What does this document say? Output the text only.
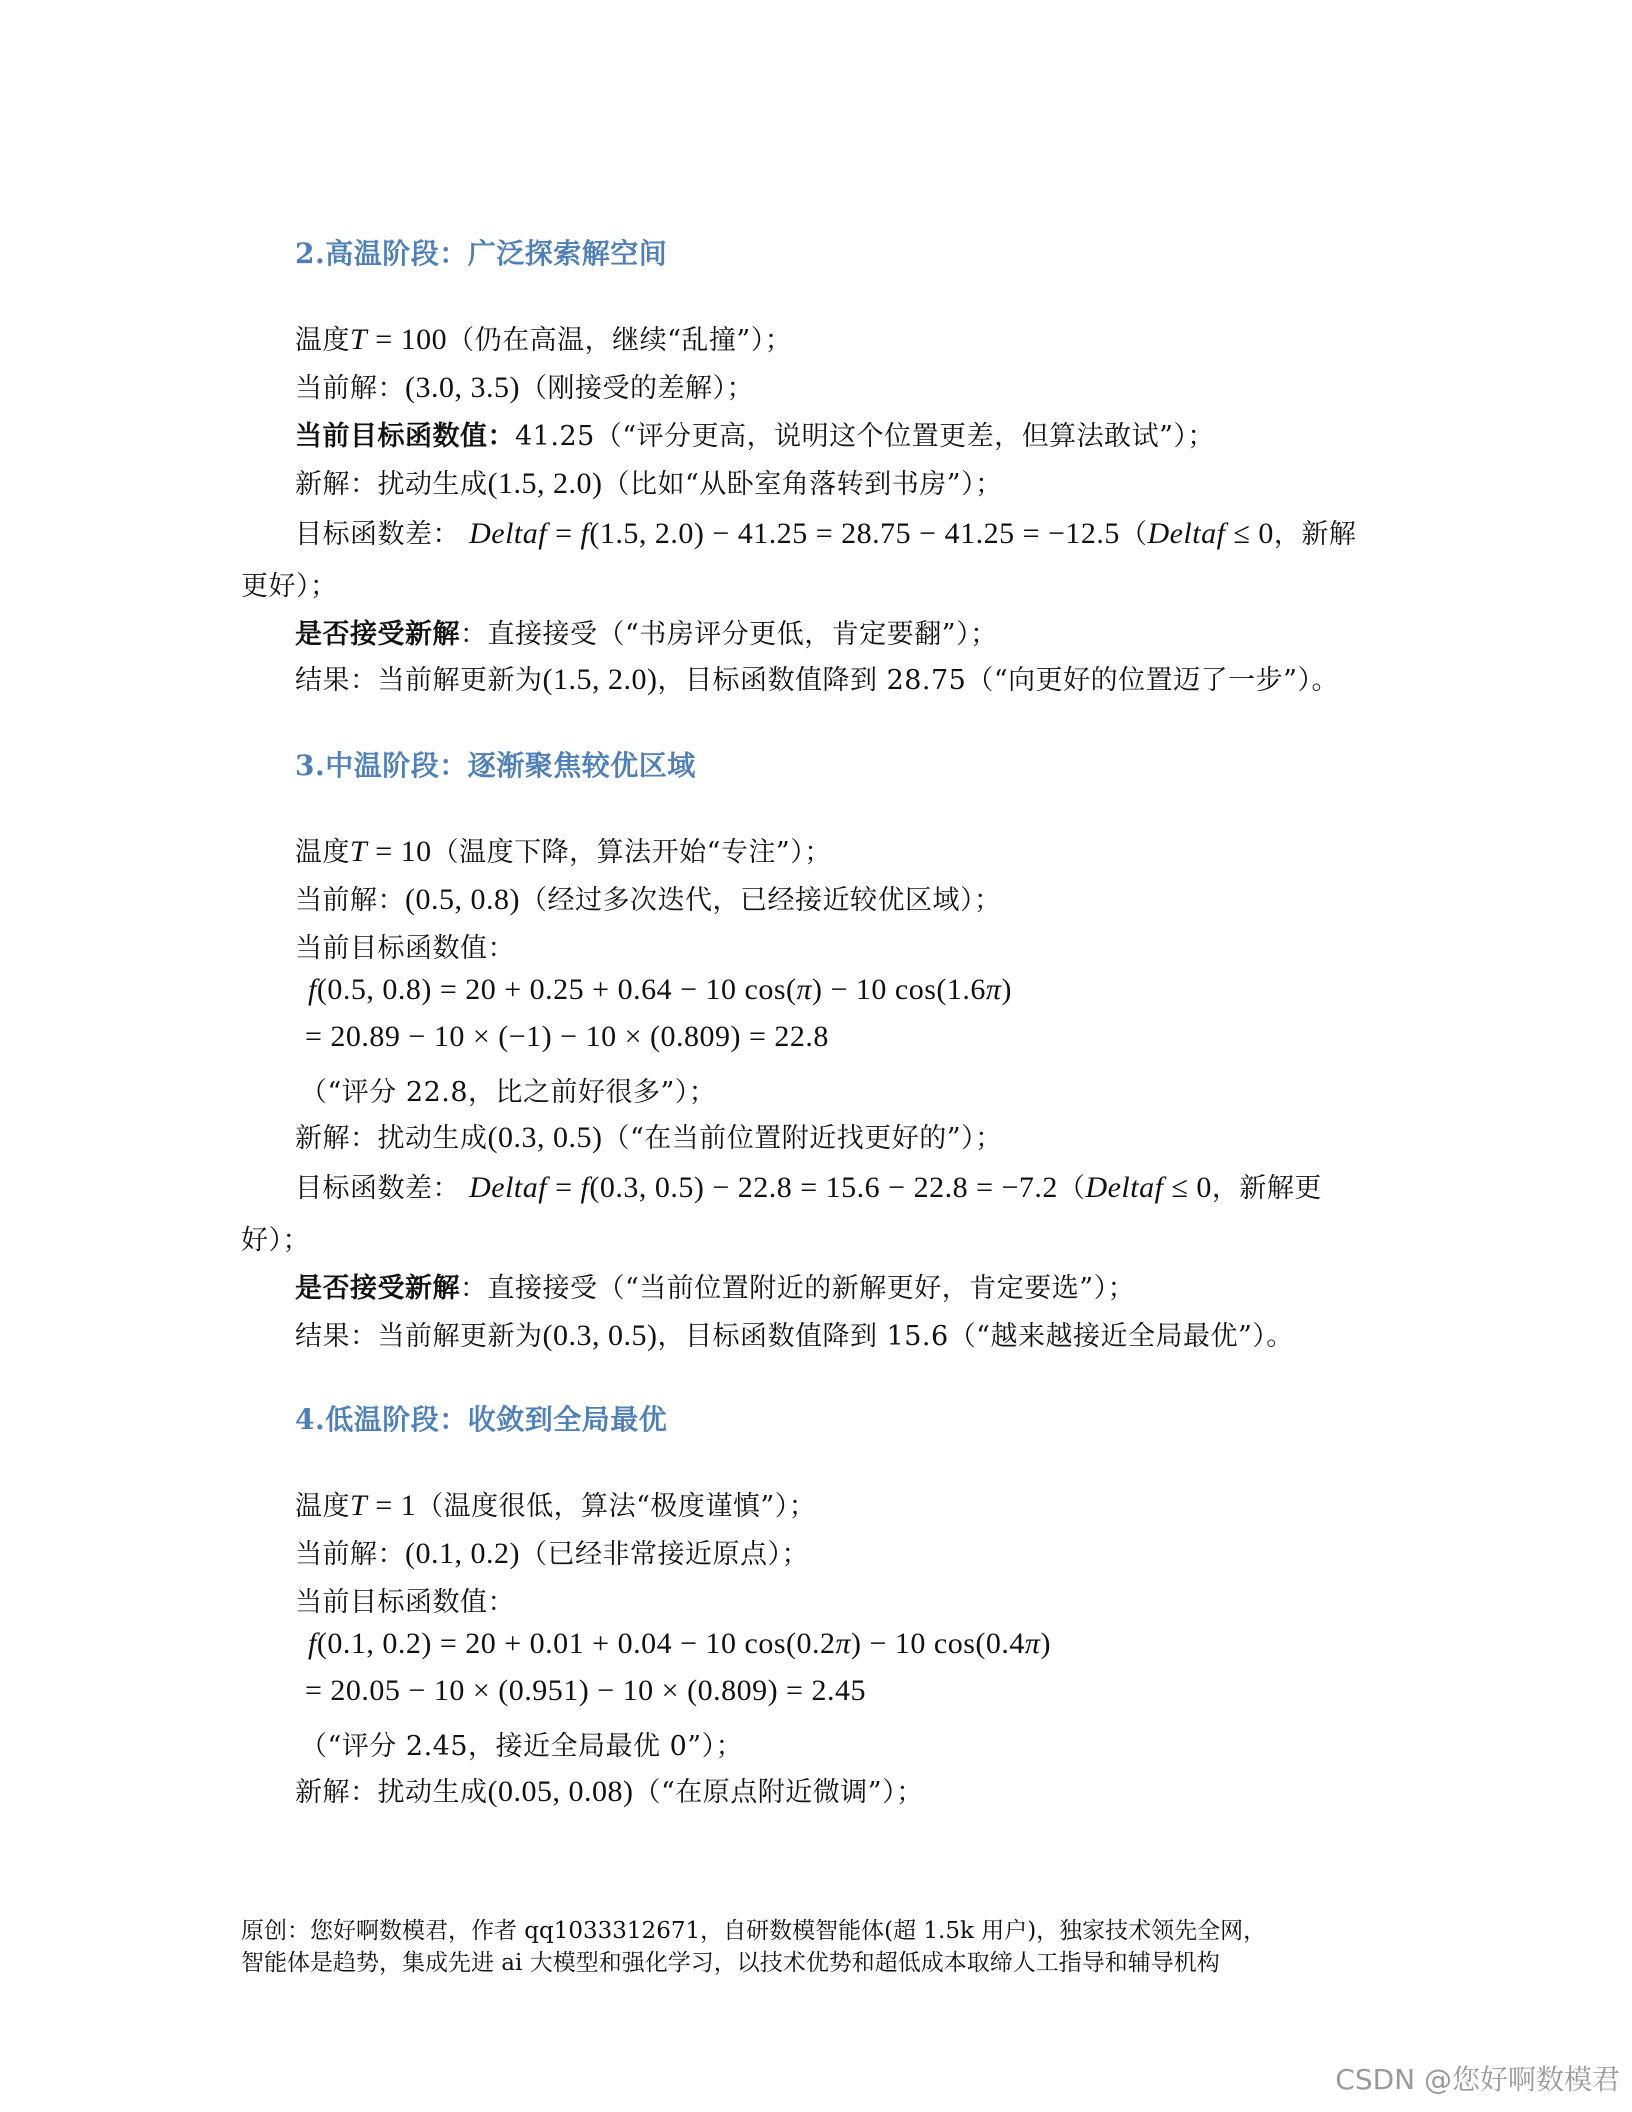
2.高温阶段：广泛探索解空间
温度T = 100（仍在高温，继续“乱撞”）；
当前解：(3.0, 3.5)（刚接受的差解）；
当前目标函数值：41.25（“评分更高，说明这个位置更差，但算法敢试”）；
新解：扰动生成(1.5, 2.0)（比如“从卧室角落转到书房”）；
目标函数差： Deltaf = f(1.5, 2.0) − 41.25 = 28.75 − 41.25 = −12.5（Deltaf ≤ 0，新解
更好）；
是否接受新解：直接接受（“书房评分更低，肯定要翻”）；
结果：当前解更新为(1.5, 2.0)，目标函数值降到 28.75（“向更好的位置迈了一步”）。
3.中温阶段：逐渐聚焦较优区域
温度T = 10（温度下降，算法开始“专注”）；
当前解：(0.5, 0.8)（经过多次迭代，已经接近较优区域）；
当前目标函数值：
f(0.5, 0.8) = 20 + 0.25 + 0.64 − 10 cos(π) − 10 cos(1.6π)
= 20.89 − 10 × (−1) − 10 × (0.809) = 22.8
（“评分 22.8，比之前好很多”）；
新解：扰动生成(0.3, 0.5)（“在当前位置附近找更好的”）；
目标函数差： Deltaf = f(0.3, 0.5) − 22.8 = 15.6 − 22.8 = −7.2（Deltaf ≤ 0，新解更
好）；
是否接受新解：直接接受（“当前位置附近的新解更好，肯定要选”）；
结果：当前解更新为(0.3, 0.5)，目标函数值降到 15.6（“越来越接近全局最优”）。
4.低温阶段：收敛到全局最优
温度T = 1（温度很低，算法“极度谨慎”）；
当前解：(0.1, 0.2)（已经非常接近原点）；
当前目标函数值：
f(0.1, 0.2) = 20 + 0.01 + 0.04 − 10 cos(0.2π) − 10 cos(0.4π)
= 20.05 − 10 × (0.951) − 10 × (0.809) = 2.45
（“评分 2.45，接近全局最优 0”）；
新解：扰动生成(0.05, 0.08)（“在原点附近微调”）；
原创：您好啊数模君，作者 qq1033312671，自研数模智能体(超 1.5k 用户)，独家技术领先全网，
智能体是趋势，集成先进 ai 大模型和强化学习，以技术优势和超低成本取缔人工指导和辅导机构
CSDN @您好啊数模君
